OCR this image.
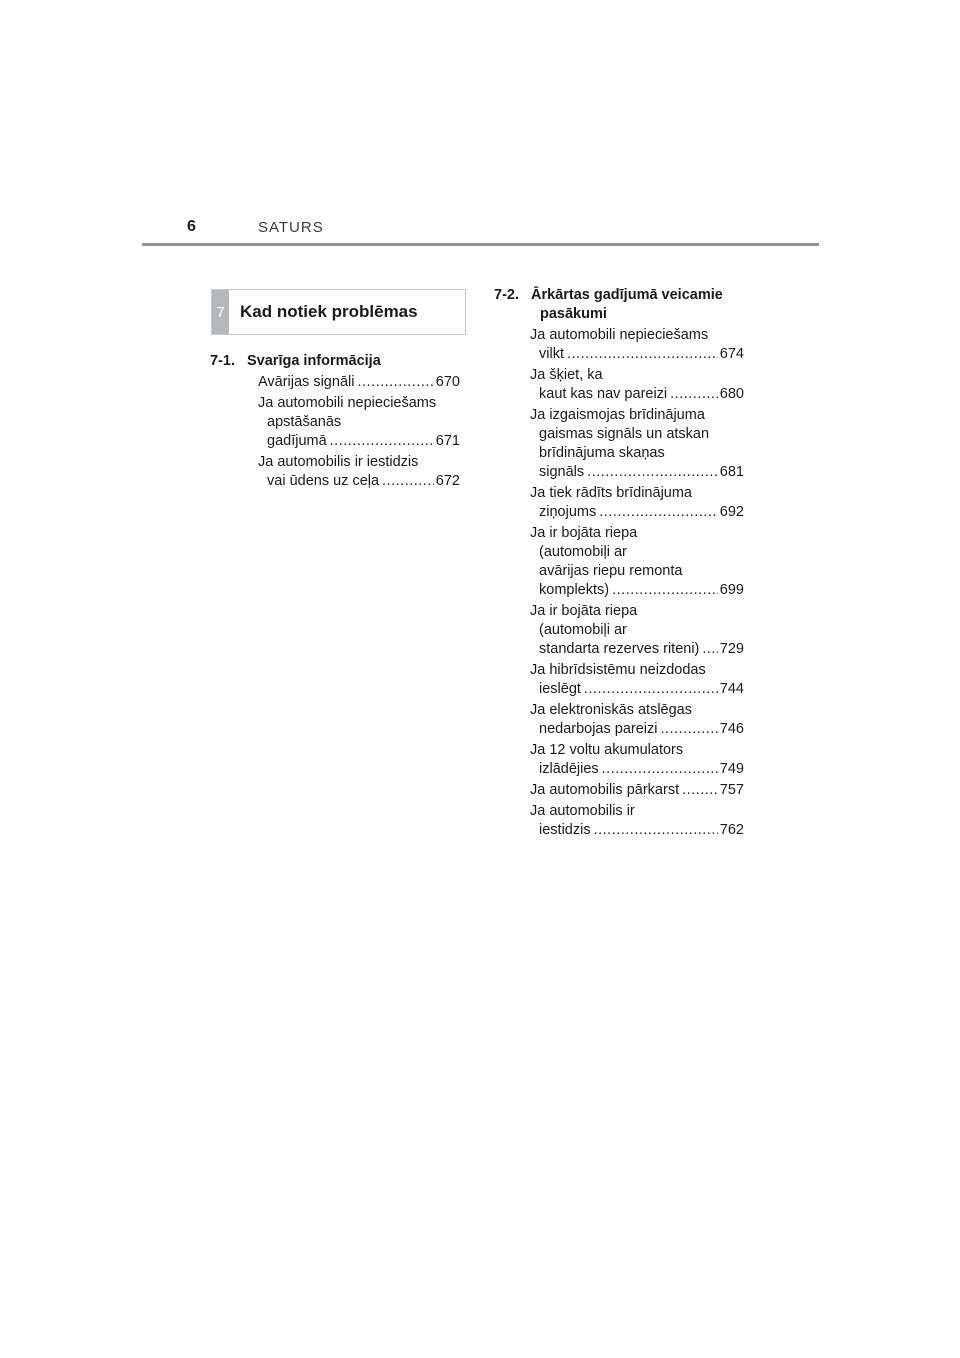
6	SATURS
7 Kad notiek problēmas
7-1. Svarīga informācija
Avārijas signāli .....	670
Ja automobili nepieciešams
apstāšanās
gadījumā .....	671
Ja automobilis ir iestidzis
vai ūdens uz ceļa .....	672
7-2. Ārkārtas gadījumā veicamie
pasākumi
Ja automobili nepieciešams
vilkt .....	674
Ja šķiet, ka
kaut kas nav pareizi .....	680
Ja izgaismojas brīdinājuma
gaismas signāls un atskan
brīdinājuma skaņas
signāls .....	681
Ja tiek rādīts brīdinājuma
ziņojums .....	692
Ja ir bojāta riepa
(automobiļi ar
avārijas riepu remonta
komplekts) .....	699
Ja ir bojāta riepa
(automobiļi ar
standarta rezerves riteni) ..... 729
Ja hibrīdsistēmu neizdodas
ieslēgt .....	744
Ja elektroniskās atslēgas
nedarbojas pareizi .....	746
Ja 12 voltu akumulators
izlādējies .....	749
Ja automobilis pārkarst .....	757
Ja automobilis ir
iestidzis .....	762
